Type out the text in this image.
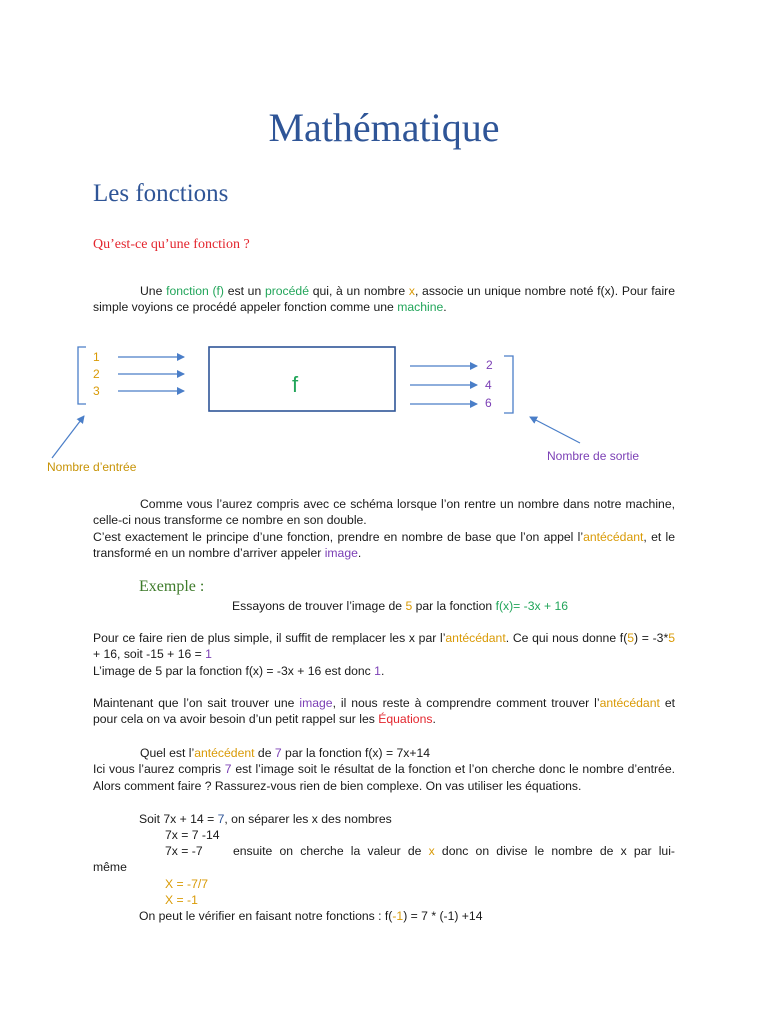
Mathématique
Les fonctions
Qu’est-ce qu’une fonction ?

Une fonction (f) est un procédé qui, à un nombre x, associe un unique nombre noté f(x). Pour faire simple voyions ce procédé appeler fonction comme une machine.

1
2
3	f
2
4
6
Nombre d’entrée
Nombre de sortie

Comme vous l’aurez compris avec ce schéma lorsque l’on rentre un nombre dans notre machine, celle-ci nous transforme ce nombre en son double.

C’est exactement le principe d’une fonction, prendre en nombre de base que l’on appel l’antécédant, et le transformé en un nombre d’arriver appeler image.

Exemple :
Essayons de trouver l’image de 5 par la fonction f(x)= -3x + 16

Pour ce faire rien de plus simple, il suffit de remplacer les x par l’antécédant. Ce qui nous donne f(5) = -3*5 + 16, soit -15 + 16 = 1

L’image de 5 par la fonction f(x) = -3x + 16 est donc 1.

Maintenant que l’on sait trouver une image, il nous reste à comprendre comment trouver l’antécédant et pour cela on va avoir besoin d’un petit rappel sur les Équations.

Quel est l’antécédent de 7 par la fonction f(x) = 7x+14

Ici vous l’aurez compris 7 est l’image soit le résultat de la fonction et l’on cherche donc le nombre d’entrée. Alors comment faire ? Rassurez-vous rien de bien complexe. On vas utiliser les équations.

Soit 7x + 14 = 7, on séparer les x des nombres
7x = 7 -14
7x = -7 ensuite on cherche la valeur de x donc on divise le nombre de x par lui-
même
X = -7/7
X = -1
On peut le vérifier en faisant notre fonctions : f(-1) = 7 * (-1) +14
